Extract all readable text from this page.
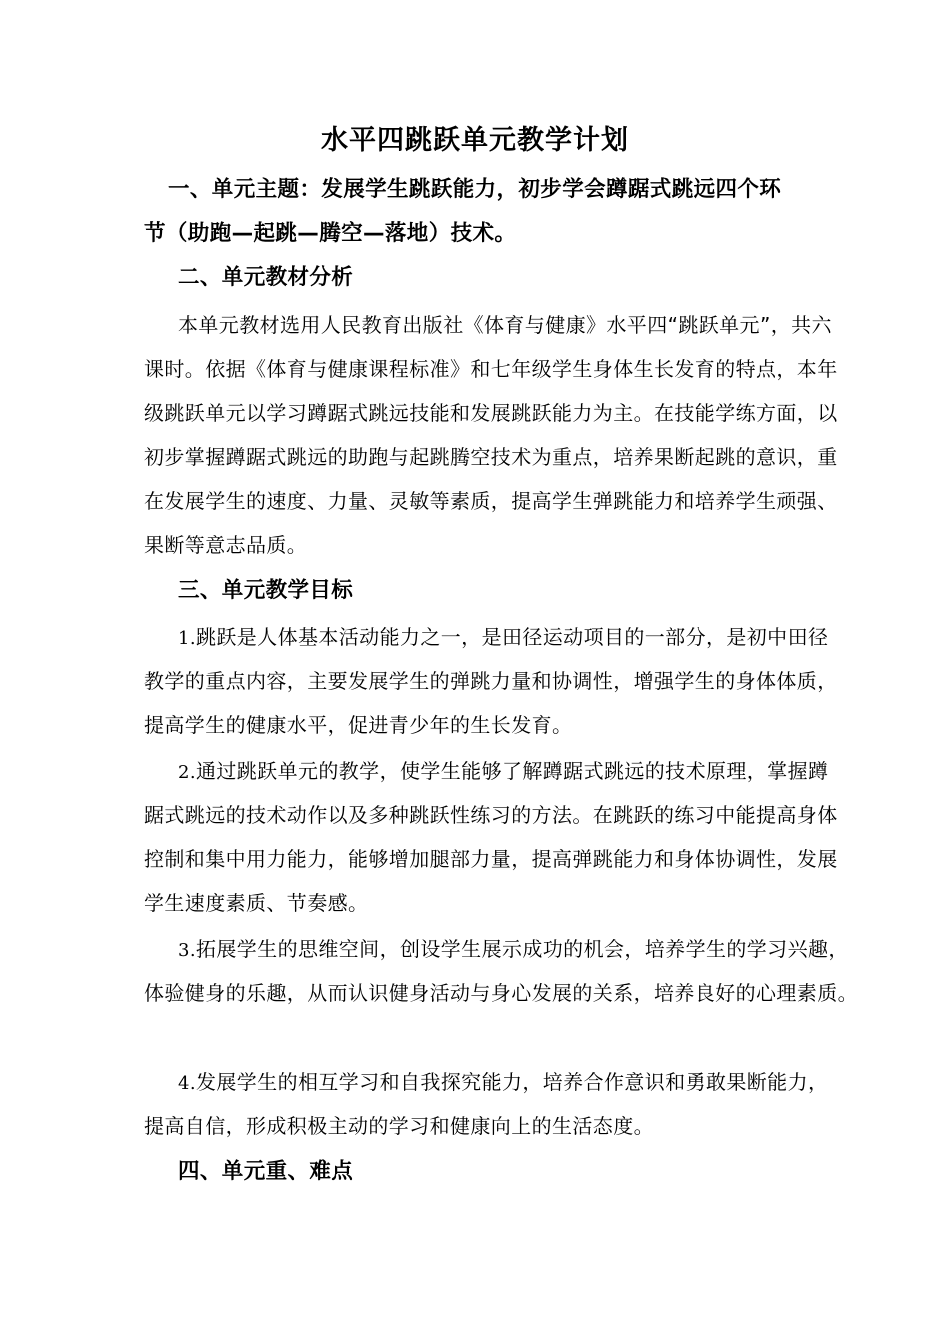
水平四跳跃单元教学计划
一、单元主题：发展学生跳跃能力，初步学会蹲踞式跳远四个环
节（助跑—起跳—腾空—落地）技术。
二、单元教材分析
本单元教材选用人民教育出版社《体育与健康》水平四“跳跃单元”，共六
课时。依据《体育与健康课程标准》和七年级学生身体生长发育的特点，本年
级跳跃单元以学习蹲踞式跳远技能和发展跳跃能力为主。在技能学练方面，以
初步掌握蹲踞式跳远的助跑与起跳腾空技术为重点，培养果断起跳的意识，重
在发展学生的速度、力量、灵敏等素质，提高学生弹跳能力和培养学生顽强、
果断等意志品质。
三、单元教学目标
1.跳跃是人体基本活动能力之一，是田径运动项目的一部分，是初中田径
教学的重点内容，主要发展学生的弹跳力量和协调性，增强学生的身体体质，
提高学生的健康水平，促进青少年的生长发育。
2.通过跳跃单元的教学，使学生能够了解蹲踞式跳远的技术原理，掌握蹲
踞式跳远的技术动作以及多种跳跃性练习的方法。在跳跃的练习中能提高身体
控制和集中用力能力，能够增加腿部力量，提高弹跳能力和身体协调性，发展
学生速度素质、节奏感。
3.拓展学生的思维空间，创设学生展示成功的机会，培养学生的学习兴趣，
体验健身的乐趣，从而认识健身活动与身心发展的关系，培养良好的心理素质。
4.发展学生的相互学习和自我探究能力，培养合作意识和勇敢果断能力，
提高自信，形成积极主动的学习和健康向上的生活态度。
四、单元重、难点
